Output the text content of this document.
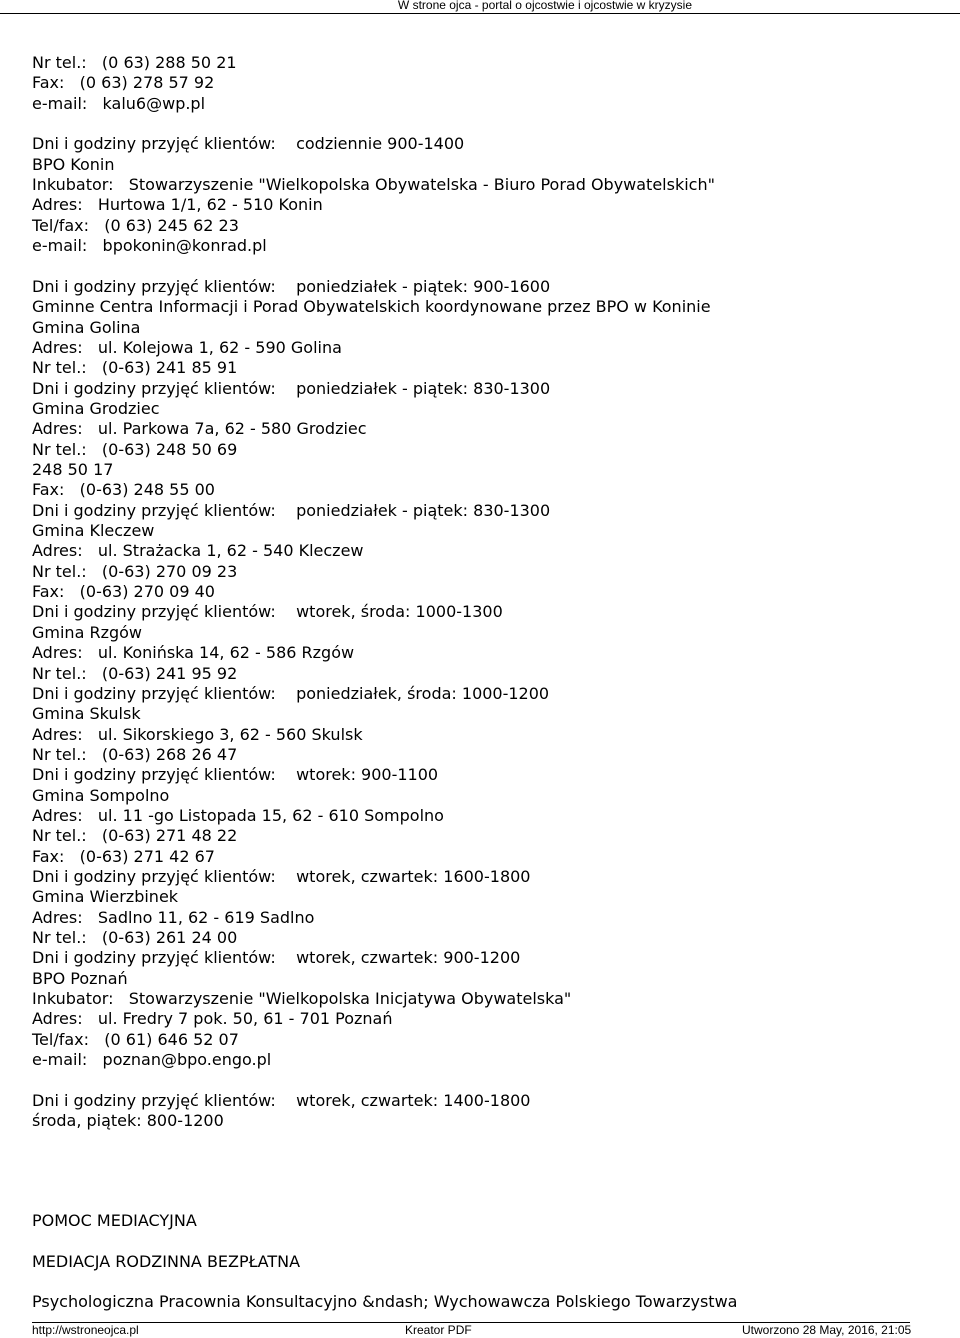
W strone ojca - portal o ojcostwie i ojcostwie w kryzysie
Nr tel.:   (0 63) 288 50 21
Fax:   (0 63) 278 57 92
e-mail:   kalu6@wp.pl
Dni i godziny przyjęć klientów:    codziennie 900-1400
BPO Konin
Inkubator:   Stowarzyszenie "Wielkopolska Obywatelska - Biuro Porad Obywatelskich"
Adres:   Hurtowa 1/1, 62 - 510 Konin
Tel/fax:   (0 63) 245 62 23
e-mail:   bpokonin@konrad.pl
Dni i godziny przyjęć klientów:    poniedziałek - piątek: 900-1600
Gminne Centra Informacji i Porad Obywatelskich koordynowane przez BPO w Koninie
Gmina Golina
Adres:   ul. Kolejowa 1, 62 - 590 Golina
Nr tel.:   (0-63) 241 85 91
Dni i godziny przyjęć klientów:    poniedziałek - piątek: 830-1300
Gmina Grodziec
Adres:   ul. Parkowa 7a, 62 - 580 Grodziec
Nr tel.:   (0-63) 248 50 69
248 50 17
Fax:   (0-63) 248 55 00
Dni i godziny przyjęć klientów:    poniedziałek - piątek: 830-1300
Gmina Kleczew
Adres:   ul. Strażacka 1, 62 - 540 Kleczew
Nr tel.:   (0-63) 270 09 23
Fax:   (0-63) 270 09 40
Dni i godziny przyjęć klientów:    wtorek, środa: 1000-1300
Gmina Rzgów
Adres:   ul. Konińska 14, 62 - 586 Rzgów
Nr tel.:   (0-63) 241 95 92
Dni i godziny przyjęć klientów:    poniedziałek, środa: 1000-1200
Gmina Skulsk
Adres:   ul. Sikorskiego 3, 62 - 560 Skulsk
Nr tel.:   (0-63) 268 26 47
Dni i godziny przyjęć klientów:    wtorek: 900-1100
Gmina Sompolno
Adres:   ul. 11 -go Listopada 15, 62 - 610 Sompolno
Nr tel.:   (0-63) 271 48 22
Fax:   (0-63) 271 42 67
Dni i godziny przyjęć klientów:    wtorek, czwartek: 1600-1800
Gmina Wierzbinek
Adres:   Sadlno 11, 62 - 619 Sadlno
Nr tel.:   (0-63) 261 24 00
Dni i godziny przyjęć klientów:    wtorek, czwartek: 900-1200
BPO Poznań
Inkubator:   Stowarzyszenie "Wielkopolska Inicjatywa Obywatelska"
Adres:   ul. Fredry 7 pok. 50, 61 - 701 Poznań
Tel/fax:   (0 61) 646 52 07
e-mail:   poznan@bpo.engo.pl
Dni i godziny przyjęć klientów:    wtorek, czwartek: 1400-1800
środa, piątek: 800-1200
POMOC MEDIACYJNA
MEDIACJA RODZINNA BEZPŁATNA
Psychologiczna Pracownia Konsultacyjno &ndash; Wychowawcza Polskiego Towarzystwa
http://wstroneojca.pl	Kreator PDF	Utworzono 28 May, 2016, 21:05
